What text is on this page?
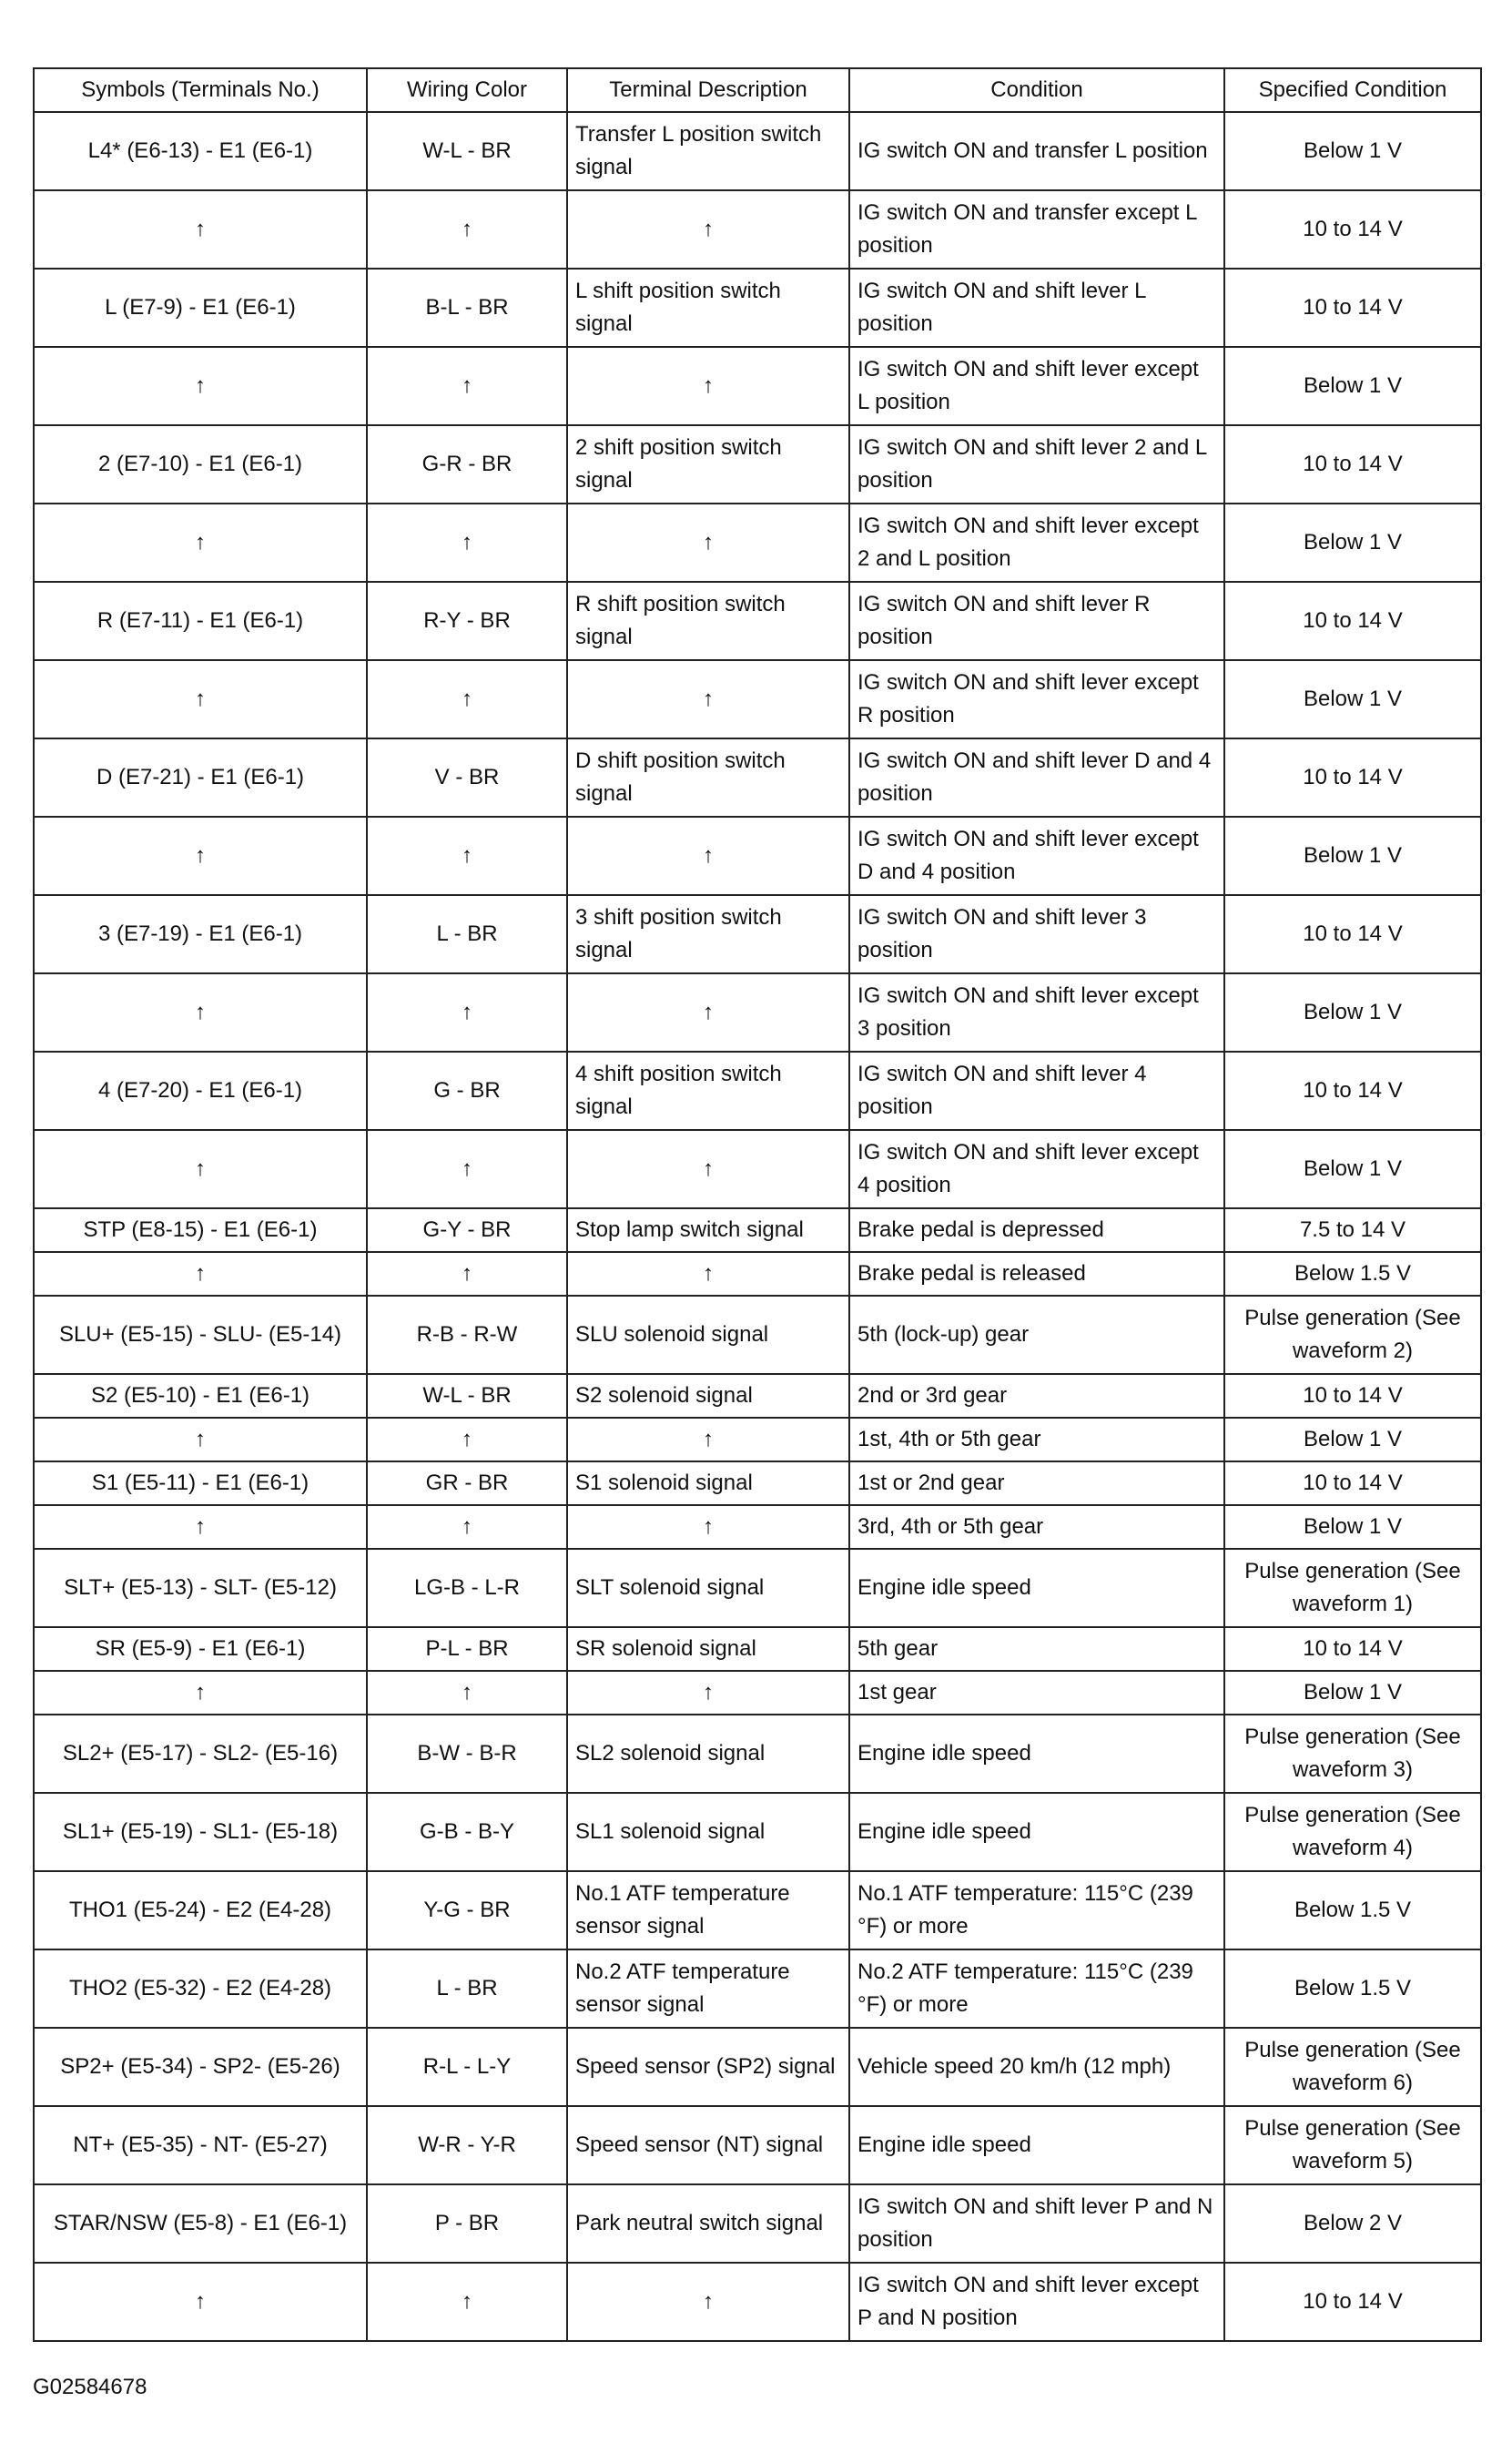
Symbols (Terminals No.)	Wiring Color	Terminal Description	Condition	Specified Condition
L4* (E6-13) - E1 (E6-1)	W-L - BR	Transfer L position switch signal	IG switch ON and transfer L position	Below 1 V
↑	↑	↑	IG switch ON and transfer except L position	10 to 14 V
L (E7-9) - E1 (E6-1)	B-L - BR	L shift position switch signal	IG switch ON and shift lever L position	10 to 14 V
↑	↑	↑	IG switch ON and shift lever except L position	Below 1 V
2 (E7-10) - E1 (E6-1)	G-R - BR	2 shift position switch signal	IG switch ON and shift lever 2 and L position	10 to 14 V
↑	↑	↑	IG switch ON and shift lever except 2 and L position	Below 1 V
R (E7-11) - E1 (E6-1)	R-Y - BR	R shift position switch signal	IG switch ON and shift lever R position	10 to 14 V
↑	↑	↑	IG switch ON and shift lever except R position	Below 1 V
D (E7-21) - E1 (E6-1)	V - BR	D shift position switch signal	IG switch ON and shift lever D and 4 position	10 to 14 V
↑	↑	↑	IG switch ON and shift lever except D and 4 position	Below 1 V
3 (E7-19) - E1 (E6-1)	L - BR	3 shift position switch signal	IG switch ON and shift lever 3 position	10 to 14 V
↑	↑	↑	IG switch ON and shift lever except 3 position	Below 1 V
4 (E7-20) - E1 (E6-1)	G - BR	4 shift position switch signal	IG switch ON and shift lever 4 position	10 to 14 V
↑	↑	↑	IG switch ON and shift lever except 4 position	Below 1 V
STP (E8-15) - E1 (E6-1)	G-Y - BR	Stop lamp switch signal	Brake pedal is depressed	7.5 to 14 V
↑	↑	↑	Brake pedal is released	Below 1.5 V
SLU+ (E5-15) - SLU- (E5-14)	R-B - R-W	SLU solenoid signal	5th (lock-up) gear	Pulse generation (See waveform 2)
S2 (E5-10) - E1 (E6-1)	W-L - BR	S2 solenoid signal	2nd or 3rd gear	10 to 14 V
↑	↑	↑	1st, 4th or 5th gear	Below 1 V
S1 (E5-11) - E1 (E6-1)	GR - BR	S1 solenoid signal	1st or 2nd gear	10 to 14 V
↑	↑	↑	3rd, 4th or 5th gear	Below 1 V
SLT+ (E5-13) - SLT- (E5-12)	LG-B - L-R	SLT solenoid signal	Engine idle speed	Pulse generation (See waveform 1)
SR (E5-9) - E1 (E6-1)	P-L - BR	SR solenoid signal	5th gear	10 to 14 V
↑	↑	↑	1st gear	Below 1 V
SL2+ (E5-17) - SL2- (E5-16)	B-W - B-R	SL2 solenoid signal	Engine idle speed	Pulse generation (See waveform 3)
SL1+ (E5-19) - SL1- (E5-18)	G-B - B-Y	SL1 solenoid signal	Engine idle speed	Pulse generation (See waveform 4)
THO1 (E5-24) - E2 (E4-28)	Y-G - BR	No.1 ATF temperature sensor signal	No.1 ATF temperature: 115°C (239 °F) or more	Below 1.5 V
THO2 (E5-32) - E2 (E4-28)	L - BR	No.2 ATF temperature sensor signal	No.2 ATF temperature: 115°C (239 °F) or more	Below 1.5 V
SP2+ (E5-34) - SP2- (E5-26)	R-L - L-Y	Speed sensor (SP2) signal	Vehicle speed 20 km/h (12 mph)	Pulse generation (See waveform 6)
NT+ (E5-35) - NT- (E5-27)	W-R - Y-R	Speed sensor (NT) signal	Engine idle speed	Pulse generation (See waveform 5)
STAR/NSW (E5-8) - E1 (E6-1)	P - BR	Park neutral switch signal	IG switch ON and shift lever P and N position	Below 2 V
↑	↑	↑	IG switch ON and shift lever except P and N position	10 to 14 V
G02584678
